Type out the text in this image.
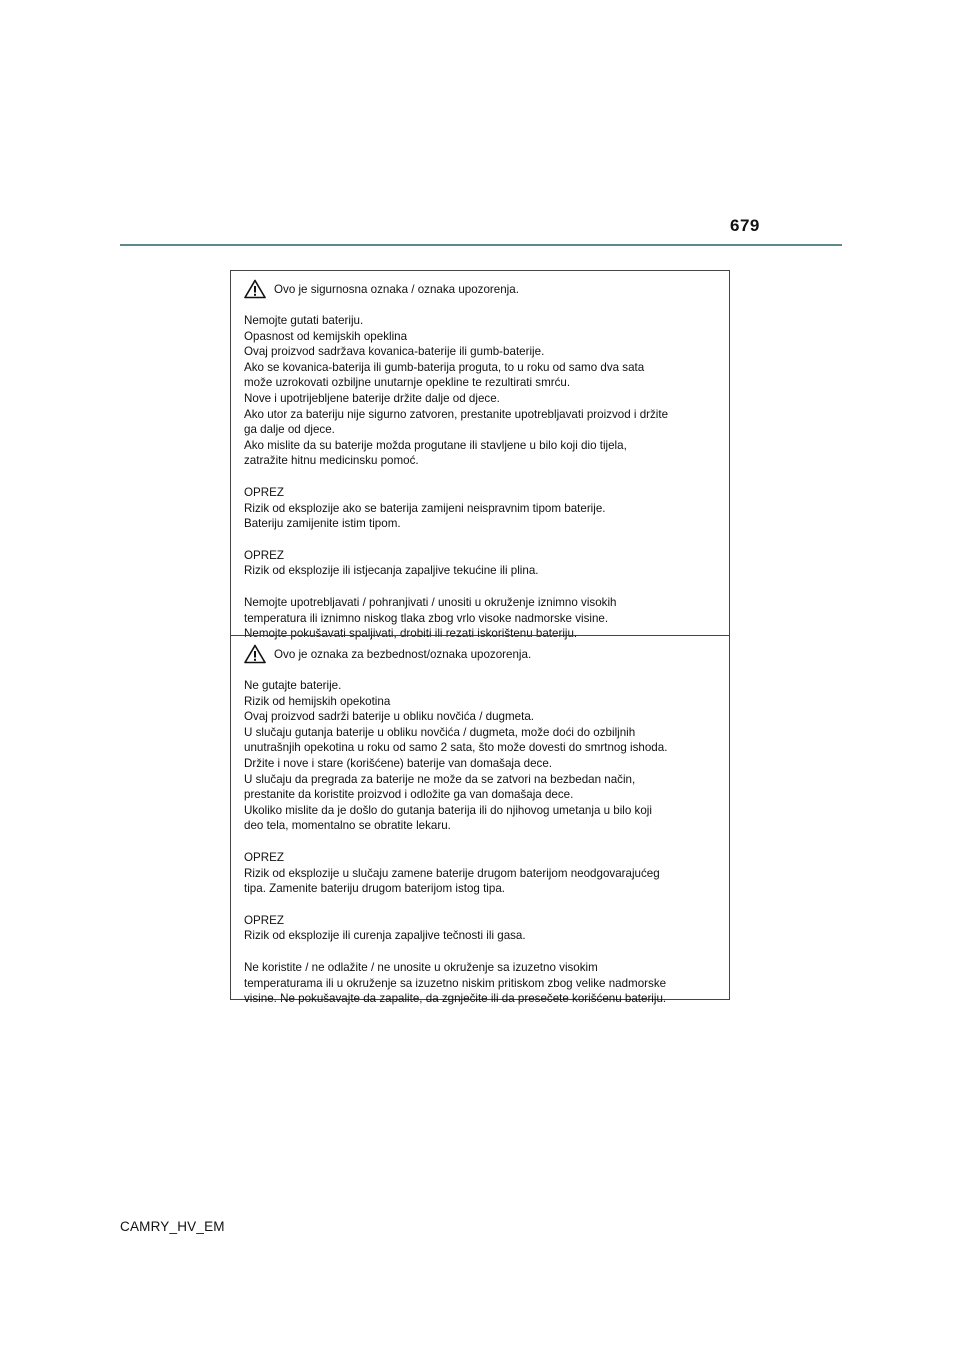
679
Ovo je sigurnosna oznaka / oznaka upozorenja.

Nemojte gutati bateriju.

Opasnost od kemijskih opeklina

Ovaj proizvod sadržava kovanica-baterije ili gumb-baterije.

Ako se kovanica-baterija ili gumb-baterija proguta, to u roku od samo dva sata

može uzrokovati ozbiljne unutarnje opekline te rezultirati smrću.

Nove i upotrijebljene baterije držite dalje od djece.

Ako utor za bateriju nije sigurno zatvoren, prestanite upotrebljavati proizvod i držite

ga dalje od djece.

Ako mislite da su baterije možda progutane ili stavljene u bilo koji dio tijela,

zatražite hitnu medicinsku pomoć.

OPREZ

Rizik od eksplozije ako se baterija zamijeni neispravnim tipom baterije.

Bateriju zamijenite istim tipom.

OPREZ

Rizik od eksplozije ili istjecanja zapaljive tekućine ili plina.

Nemojte upotrebljavati / pohranjivati / unositi u okruženje iznimno visokih

temperatura ili iznimno niskog tlaka zbog vrlo visoke nadmorske visine.

Nemojte pokušavati spaljivati, drobiti ili rezati iskorištenu bateriju.

Ovo je oznaka za bezbednost/oznaka upozorenja.

Ne gutajte baterije.

Rizik od hemijskih opekotina

Ovaj proizvod sadrži baterije u obliku novčića / dugmeta.

U slučaju gutanja baterije u obliku novčića / dugmeta, može doći do ozbiljnih

unutrašnjih opekotina u roku od samo 2 sata, što može dovesti do smrtnog ishoda.

Držite i nove i stare (korišćene) baterije van domašaja dece.

U slučaju da pregrada za baterije ne može da se zatvori na bezbedan način,

prestanite da koristite proizvod i odložite ga van domašaja dece.

Ukoliko mislite da je došlo do gutanja baterija ili do njihovog umetanja u bilo koji

deo tela, momentalno se obratite lekaru.

OPREZ

Rizik od eksplozije u slučaju zamene baterije drugom baterijom neodgovarajućeg

tipa. Zamenite bateriju drugom baterijom istog tipa.

OPREZ

Rizik od eksplozije ili curenja zapaljive tečnosti ili gasa.

Ne koristite / ne odlažite / ne unosite u okruženje sa izuzetno visokim

temperaturama ili u okruženje sa izuzetno niskim pritiskom zbog velike nadmorske

visine. Ne pokušavajte da zapalite, da zgnječite ili da presečete korišćenu bateriju.

CAMRY_HV_EM
